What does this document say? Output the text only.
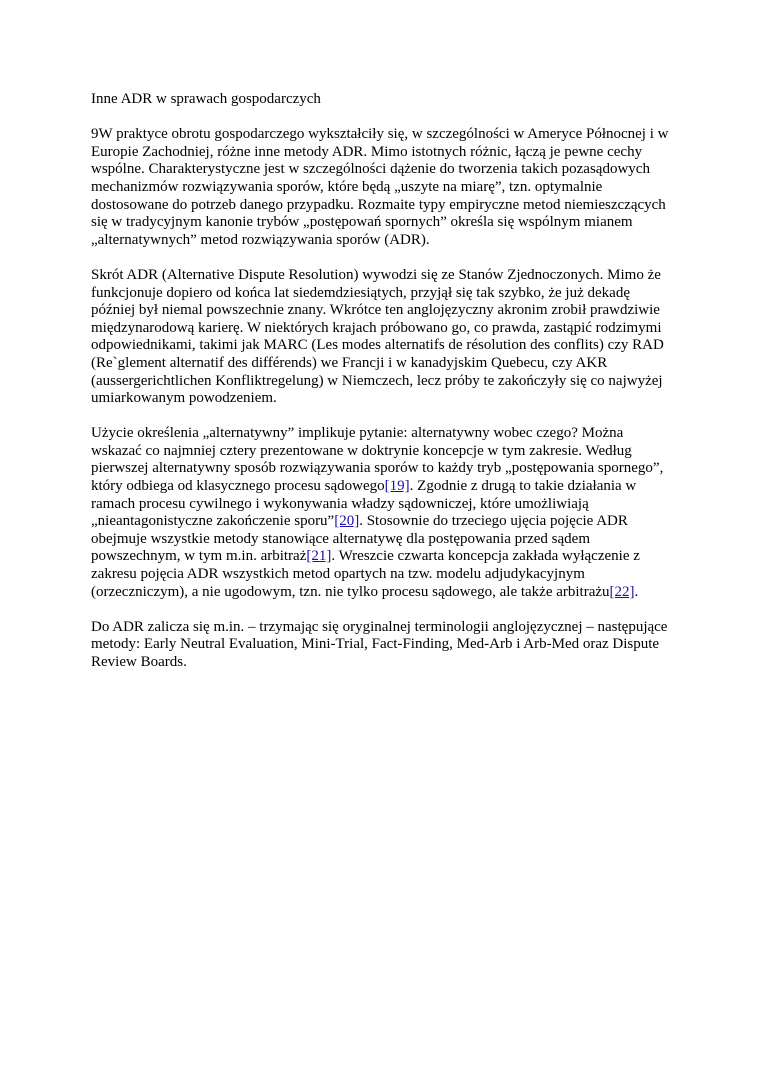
Inne ADR w sprawach gospodarczych

9W praktyce obrotu gospodarczego wykształciły się, w szczególności w Ameryce Północnej i w Europie Zachodniej, różne inne metody ADR. Mimo istotnych różnic, łączą je pewne cechy wspólne. Charakterystyczne jest w szczególności dążenie do tworzenia takich pozasądowych mechanizmów rozwiązywania sporów, które będą „uszyte na miarę”, tzn. optymalnie dostosowane do potrzeb danego przypadku. Rozmaite typy empiryczne metod niemieszczących się w tradycyjnym kanonie trybów „postępowań spornych” określa się wspólnym mianem „alternatywnych” metod rozwiązywania sporów (ADR).

Skrót ADR (Alternative Dispute Resolution) wywodzi się ze Stanów Zjednoczonych. Mimo że funkcjonuje dopiero od końca lat siedemdziesiątych, przyjął się tak szybko, że już dekadę później był niemal powszechnie znany. Wkrótce ten anglojęzyczny akronim zrobił prawdziwie międzynarodową karierę. W niektórych krajach próbowano go, co prawda, zastąpić rodzimymi odpowiednikami, takimi jak MARC (Les modes alternatifs de résolution des conflits) czy RAD (Re`glement alternatif des différends) we Francji i w kanadyjskim Quebecu, czy AKR (aussergerichtlichen Konfliktregelung) w Niemczech, lecz próby te zakończyły się co najwyżej umiarkowanym powodzeniem.

Użycie określenia „alternatywny” implikuje pytanie: alternatywny wobec czego? Można wskazać co najmniej cztery prezentowane w doktrynie koncepcje w tym zakresie. Według pierwszej alternatywny sposób rozwiązywania sporów to każdy tryb „postępowania spornego”, który odbiega od klasycznego procesu sądowego[19]. Zgodnie z drugą to takie działania w ramach procesu cywilnego i wykonywania władzy sądowniczej, które umożliwiają „nieantagonistyczne zakończenie sporu”[20]. Stosownie do trzeciego ujęcia pojęcie ADR obejmuje wszystkie metody stanowiące alternatywę dla postępowania przed sądem powszechnym, w tym m.in. arbitraż[21]. Wreszcie czwarta koncepcja zakłada wyłączenie z zakresu pojęcia ADR wszystkich metod opartych na tzw. modelu adjudykacyjnym (orzeczniczym), a nie ugodowym, tzn. nie tylko procesu sądowego, ale także arbitrażu[22].

Do ADR zalicza się m.in. – trzymając się oryginalnej terminologii anglojęzycznej – następujące metody: Early Neutral Evaluation, Mini-Trial, Fact-Finding, Med-Arb i Arb-Med oraz Dispute Review Boards.
